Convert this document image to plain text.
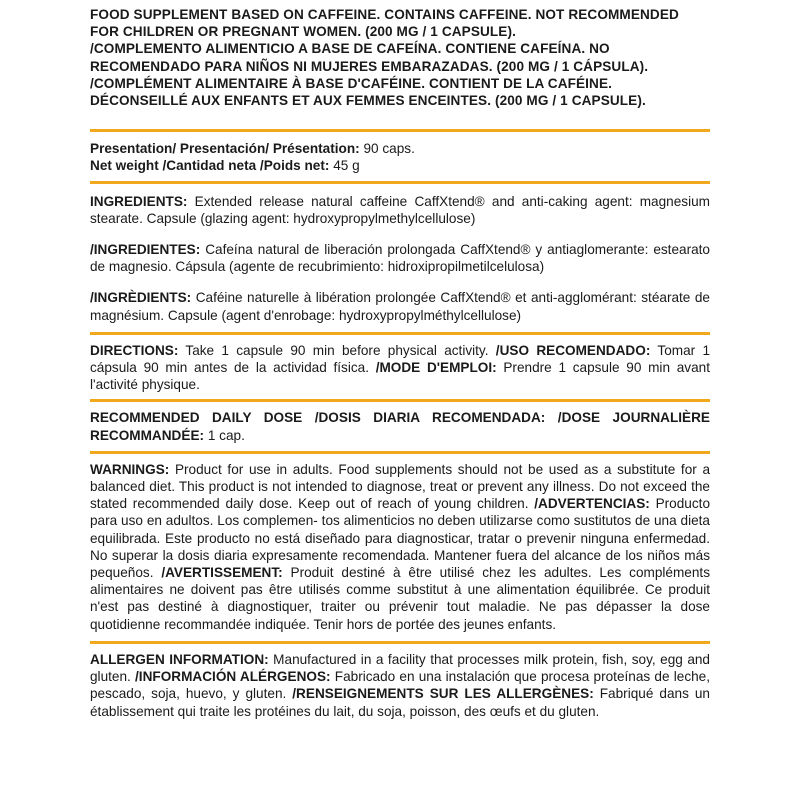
FOOD SUPPLEMENT BASED ON CAFFEINE. CONTAINS CAFFEINE. NOT RECOMMENDED FOR CHILDREN OR PREGNANT WOMEN. (200 MG / 1 CAPSULE).

/COMPLEMENTO ALIMENTICIO A BASE DE CAFEÍNA. CONTIENE CAFEÍNA. NO RECOMENDADO PARA NIÑOS NI MUJERES EMBARAZADAS. (200 MG / 1 CÁPSULA).

/COMPLÉMENT ALIMENTAIRE À BASE D'CAFÉINE. CONTIENT DE LA CAFÉINE. DÉCONSEILLÉ AUX ENFANTS ET AUX FEMMES ENCEINTES. (200 MG / 1 CAPSULE).

Presentation/ Presentación/ Présentation: 90 caps.

Net weight /Cantidad neta /Poids net: 45 g

INGREDIENTS: Extended release natural caffeine CaffXtend® and anti-caking agent: magnesium stearate. Capsule (glazing agent: hydroxypropylmethylcellulose)

/INGREDIENTES: Cafeína natural de liberación prolongada CaffXtend® y antiaglomerante: estearato de magnesio. Cápsula (agente de recubrimiento: hidroxipropilmetilcelulosa)

/INGRÈDIENTS: Caféine naturelle à libération prolongée CaffXtend® et anti-agglomérant: stéarate de magnésium. Capsule (agent d'enrobage: hydroxypropylméthylcellulose)

DIRECTIONS: Take 1 capsule 90 min before physical activity. /USO RECOMENDADO: Tomar 1 cápsula 90 min antes de la actividad física. /MODE D'EMPLOI: Prendre 1 capsule 90 min avant l'activité physique.

RECOMMENDED DAILY DOSE /DOSIS DIARIA RECOMENDADA: /DOSE JOURNALIÈRE RECOMMANDÉE: 1 cap.

WARNINGS: Product for use in adults. Food supplements should not be used as a substitute for a balanced diet. This product is not intended to diagnose, treat or prevent any illness. Do not exceed the stated recommended daily dose. Keep out of reach of young children. /ADVERTENCIAS: Producto para uso en adultos. Los complemen- tos alimenticios no deben utilizarse como sustitutos de una dieta equilibrada. Este producto no está diseñado para diagnosticar, tratar o prevenir ninguna enfermedad. No superar la dosis diaria expresamente recomendada. Mantener fuera del alcance de los niños más pequeños. /AVERTISSEMENT: Produit destiné à être utilisé chez les adultes. Les compléments alimentaires ne doivent pas être utilisés comme substitut à une alimentation équilibrée. Ce produit n'est pas destiné à diagnostiquer, traiter ou prévenir tout maladie. Ne pas dépasser la dose quotidienne recommandée indiquée. Tenir hors de portée des jeunes enfants.

ALLERGEN INFORMATION: Manufactured in a facility that processes milk protein, fish, soy, egg and gluten. /INFORMACIÓN ALÉRGENOS: Fabricado en una instalación que procesa proteínas de leche, pescado, soja, huevo, y gluten. /RENSEIGNEMENTS SUR LES ALLERGÈNES: Fabriqué dans un établissement qui traite les protéines du lait, du soja, poisson, des œufs et du gluten.
